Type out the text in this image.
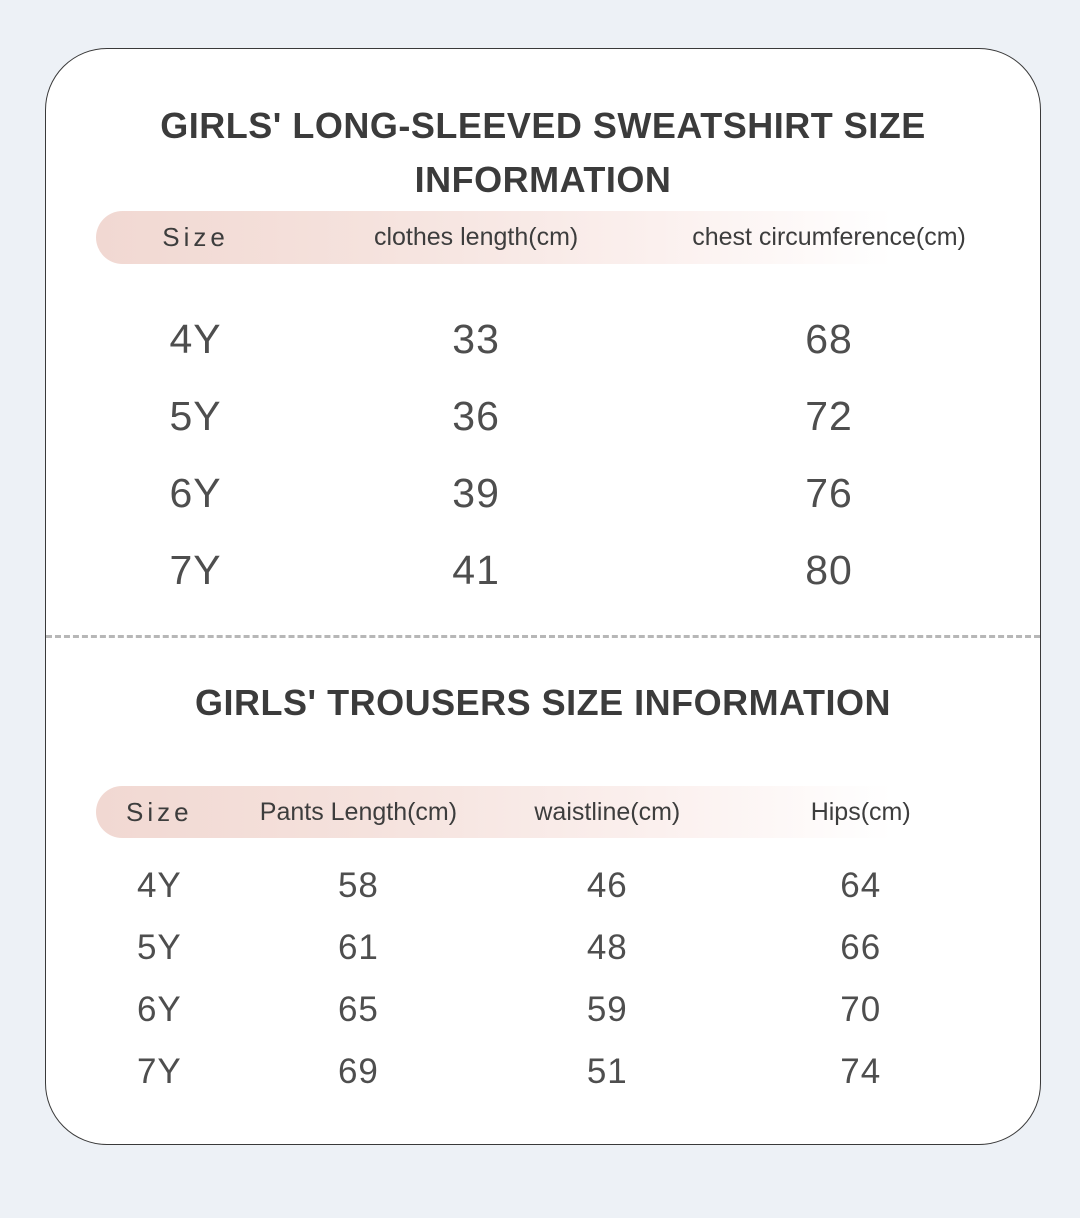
GIRLS' LONG-SLEEVED SWEATSHIRT SIZE INFORMATION
Size	clothes length(cm)	chest circumference(cm)
4Y	33	68
5Y	36	72
6Y	39	76
7Y	41	80
GIRLS' TROUSERS SIZE INFORMATION
Size	Pants Length(cm)	waistline(cm)	Hips(cm)
4Y	58	46	64
5Y	61	48	66
6Y	65	59	70
7Y	69	51	74
